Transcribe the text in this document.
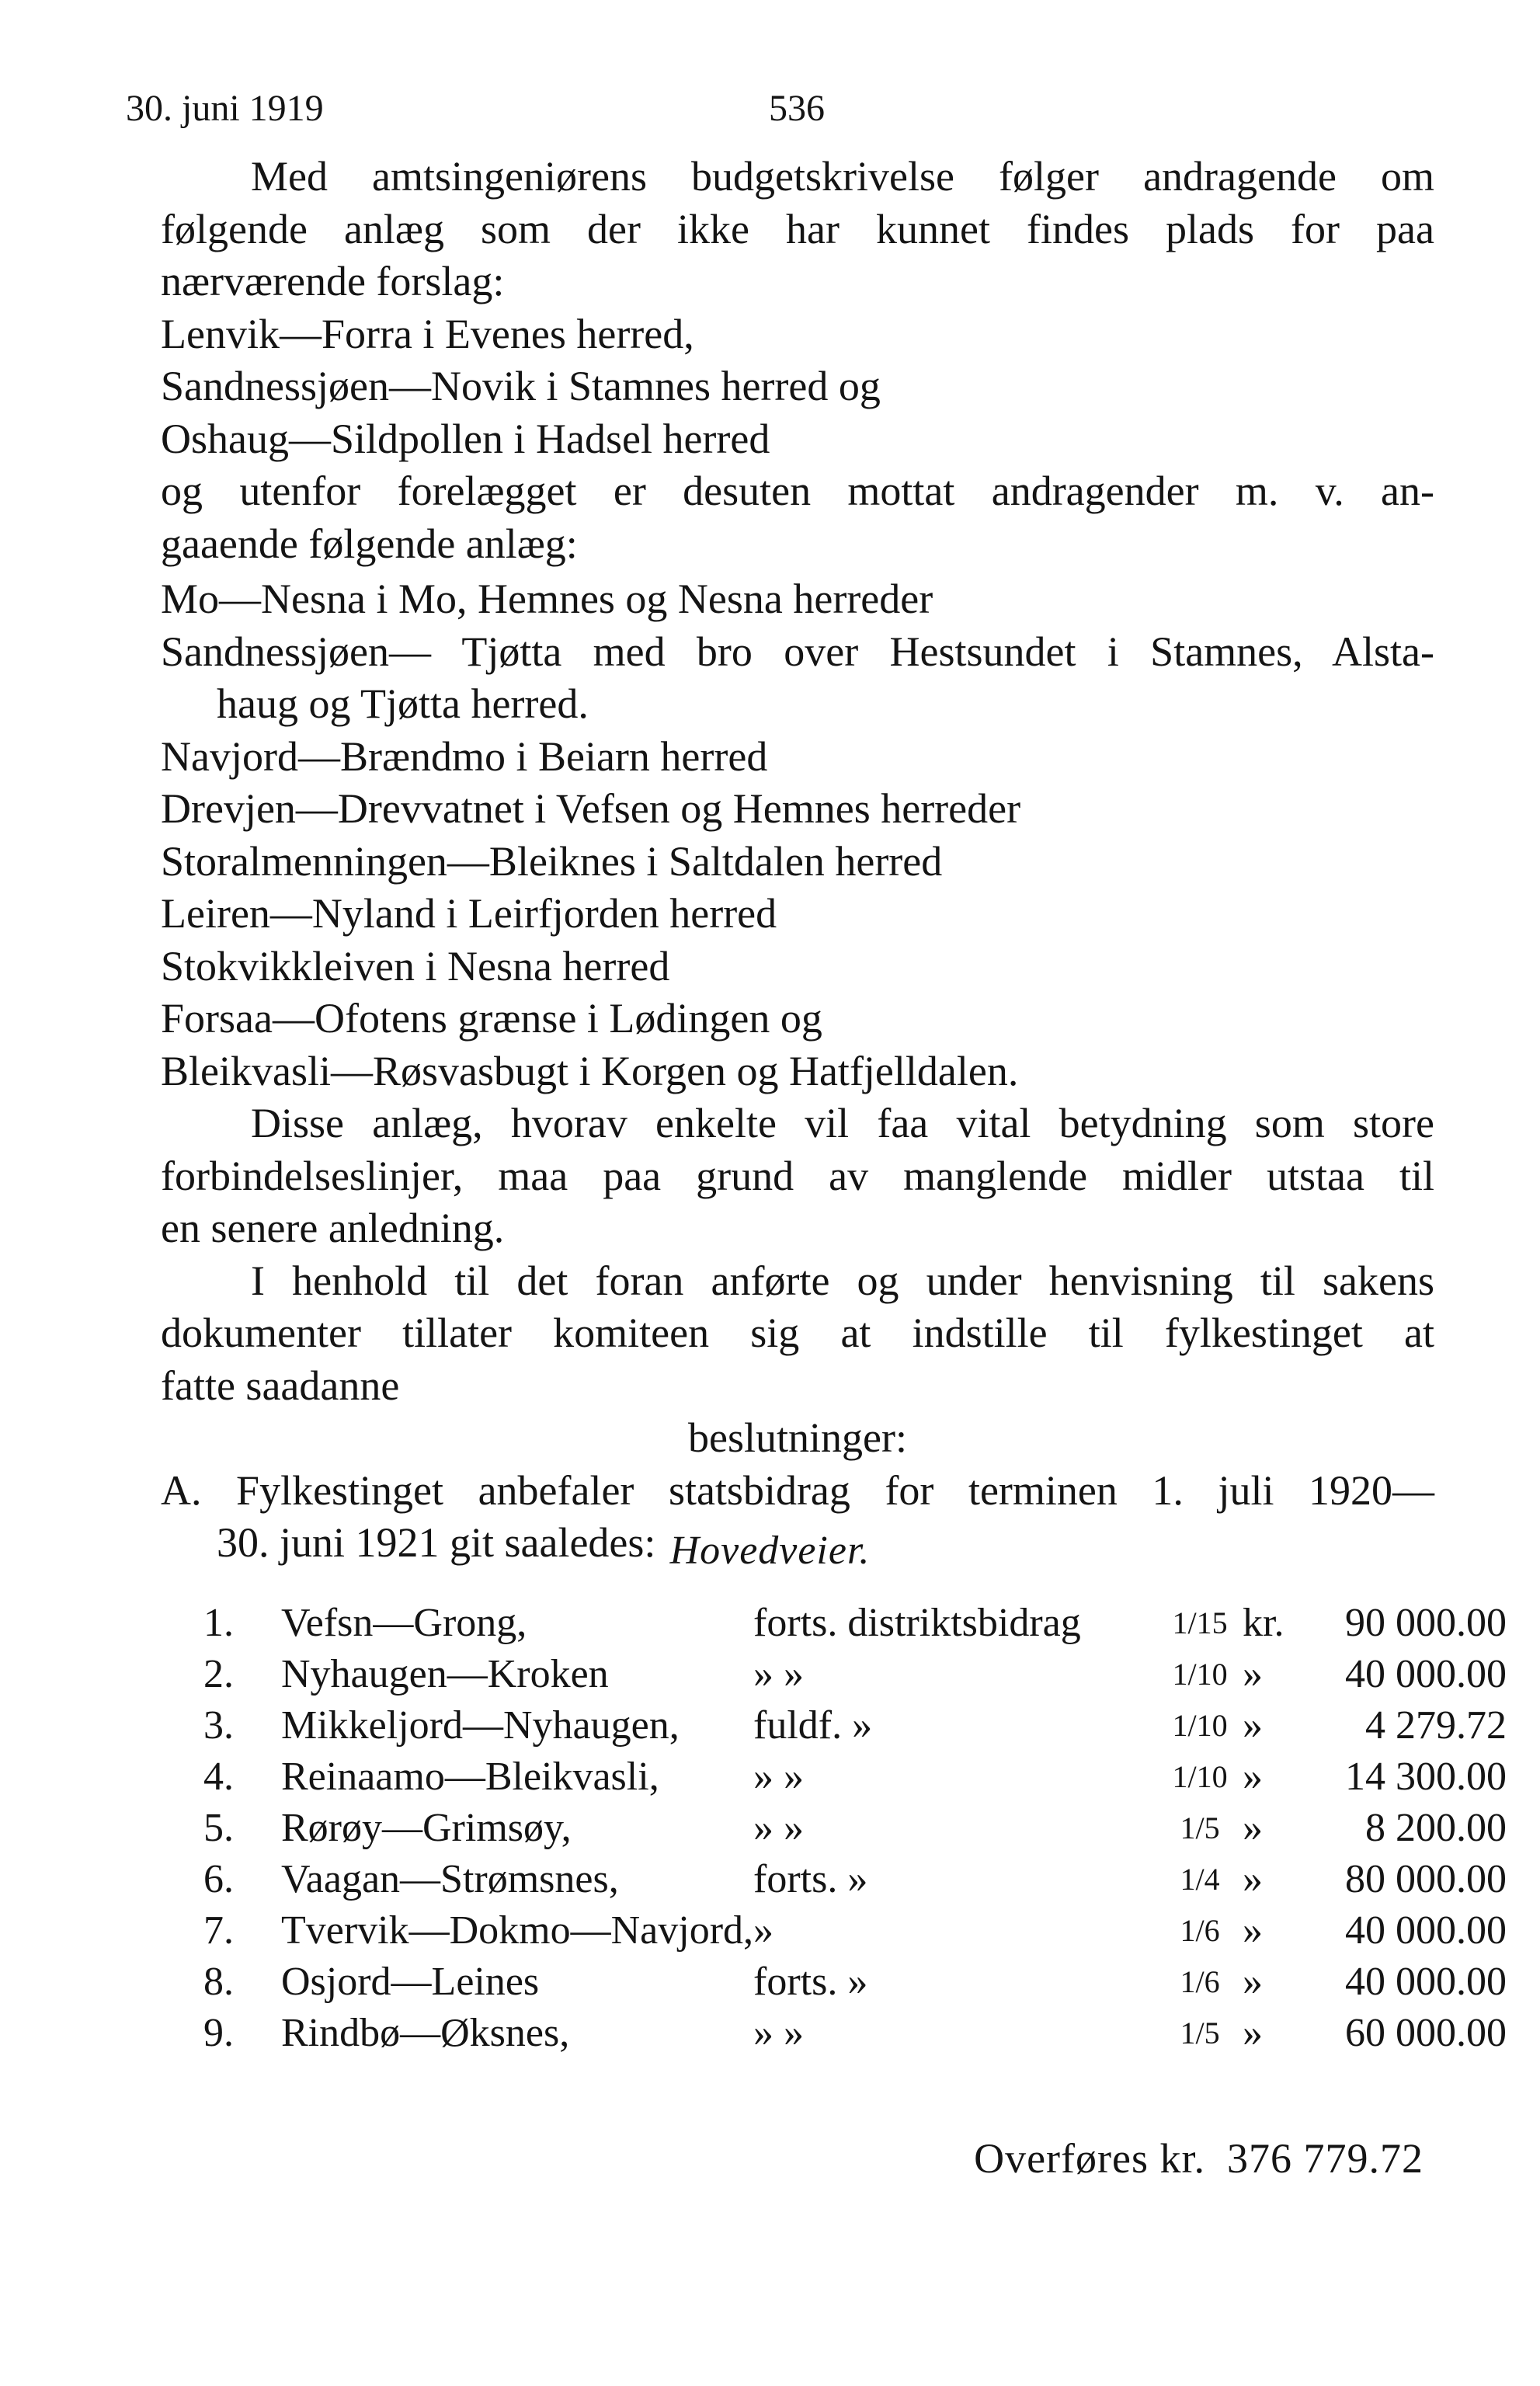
30. juni 1919	536
Med amtsingeniørens budgetskrivelse følger andragende om
følgende anlæg som der ikke har kunnet findes plads for paa
nærværende forslag:
Lenvik—Forra i Evenes herred,
Sandnessjøen—Novik i Stamnes herred og
Oshaug—Sildpollen i Hadsel herred
og utenfor forelægget er desuten mottat andragender m. v. an-
gaaende følgende anlæg:
Mo—Nesna i Mo, Hemnes og Nesna herreder
Sandnessjøen— Tjøtta med bro over Hestsundet i Stamnes, Alsta-
haug og Tjøtta herred.
Navjord—Brændmo i Beiarn herred
Drevjen—Drevvatnet i Vefsen og Hemnes herreder
Storalmenningen—Bleiknes i Saltdalen herred
Leiren—Nyland i Leirfjorden herred
Stokvikkleiven i Nesna herred
Forsaa—Ofotens grænse i Lødingen og
Bleikvasli—Røsvasbugt i Korgen og Hatfjelldalen.
Disse anlæg, hvorav enkelte vil faa vital betydning som store
forbindelseslinjer, maa paa grund av manglende midler utstaa til
en senere anledning.
I henhold til det foran anførte og under henvisning til sakens
dokumenter tillater komiteen sig at indstille til fylkestinget at
fatte saadanne
beslutninger:
A. Fylkestinget anbefaler statsbidrag for terminen 1. juli 1920—
30. juni 1921 git saaledes: Hovedveier.
1.	Vefsn—Grong,	forts. distriktsbidrag	1/15	kr.	90 000.00
2.	Nyhaugen—Kroken	» »	1/10	»	40 000.00
3.	Mikkeljord—Nyhaugen,	fuldf. »	1/10	»	4 279.72
4.	Reinaamo—Bleikvasli,	» »	1/10	»	14 300.00
5.	Rørøy—Grimsøy,	» »	1/5	»	8 200.00
6.	Vaagan—Strømsnes,	forts. »	1/4	»	80 000.00
7.	Tvervik—Dokmo—Navjord,	»	1/6	»	40 000.00
8.	Osjord—Leines	forts. »	1/6	»	40 000.00
9.	Rindbø—Øksnes,	» »	1/5	»	60 000.00
Overføres kr. 376 779.72
